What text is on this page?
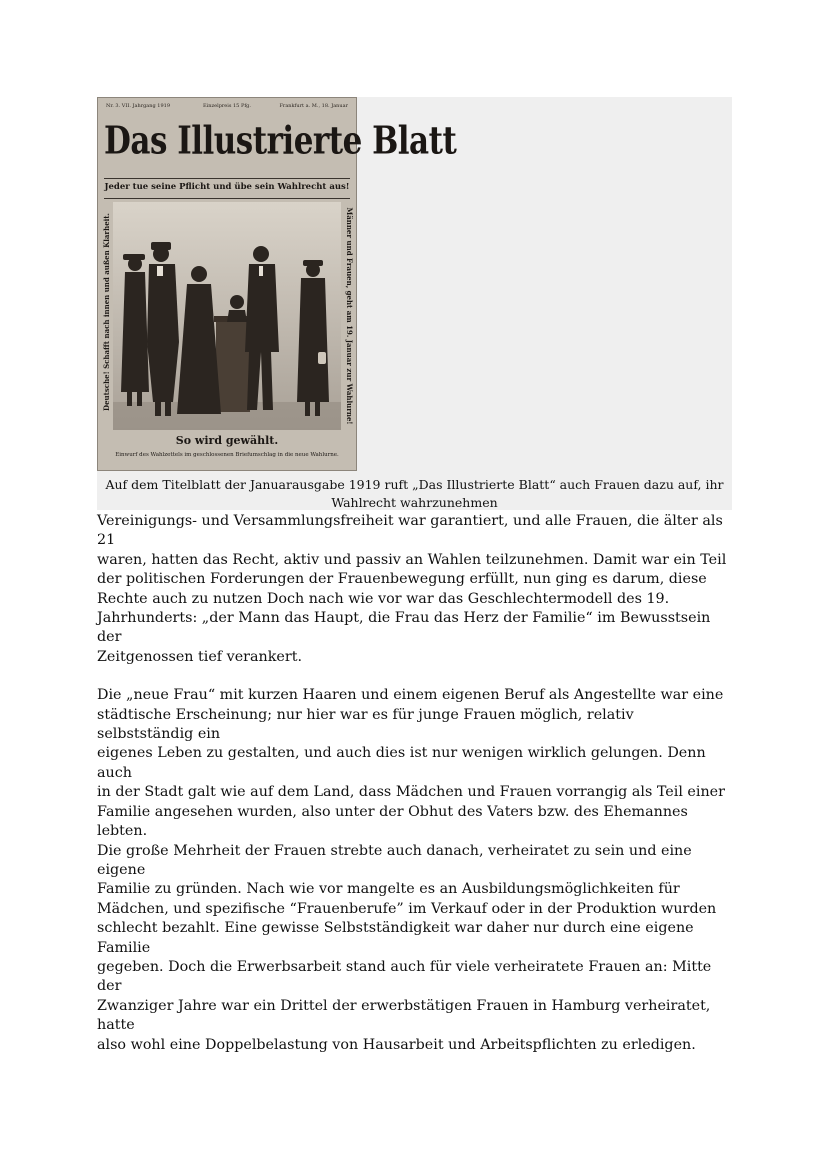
Nr. 3. VII. Jahrgang 1919	Einzelpreis 15 Pfg.	Frankfurt a. M., 18. Januar
Das Illustrierte Blatt
Jeder tue seine Pflicht und übe sein Wahlrecht aus!
Deutsche! Schafft nach innen und außen Klarheit.	Männer und Frauen, geht am 19. Januar zur Wahlurne!
So wird gewählt.
Einwurf des Wahlzettels im geschlossenen Briefumschlag in die neue Wahlurne.
Auf dem Titelblatt der Januarausgabe 1919 ruft „Das Illustrierte Blatt“ auch Frauen dazu auf, ihr Wahlrecht wahrzunehmen

Vereinigungs- und Versammlungsfreiheit war garantiert, und alle Frauen, die älter als 21
waren, hatten das Recht, aktiv und passiv an Wahlen teilzunehmen. Damit war ein Teil
der politischen Forderungen der Frauenbewegung erfüllt, nun ging es darum, diese
Rechte auch zu nutzen Doch nach wie vor war das Geschlechtermodell des 19.
Jahrhunderts: „der Mann das Haupt, die Frau das Herz der Familie“ im Bewusstsein der
Zeitgenossen tief verankert.

Die „neue Frau“ mit kurzen Haaren und einem eigenen Beruf als Angestellte war eine
städtische Erscheinung; nur hier war es für junge Frauen möglich, relativ selbstständig ein
eigenes Leben zu gestalten, und auch dies ist nur wenigen wirklich gelungen. Denn auch
in der Stadt galt wie auf dem Land, dass Mädchen und Frauen vorrangig als Teil einer
Familie angesehen wurden, also unter der Obhut des Vaters bzw. des Ehemannes lebten.
Die große Mehrheit der Frauen strebte auch danach, verheiratet zu sein und eine eigene
Familie zu gründen. Nach wie vor mangelte es an Ausbildungsmöglichkeiten für
Mädchen, und spezifische “Frauenberufe” im Verkauf oder in der Produktion wurden
schlecht bezahlt. Eine gewisse Selbstständigkeit war daher nur durch eine eigene Familie
gegeben. Doch die Erwerbsarbeit stand auch für viele verheiratete Frauen an: Mitte der
Zwanziger Jahre war ein Drittel der erwerbstätigen Frauen in Hamburg verheiratet, hatte
also wohl eine Doppelbelastung von Hausarbeit und Arbeitspflichten zu erledigen.
